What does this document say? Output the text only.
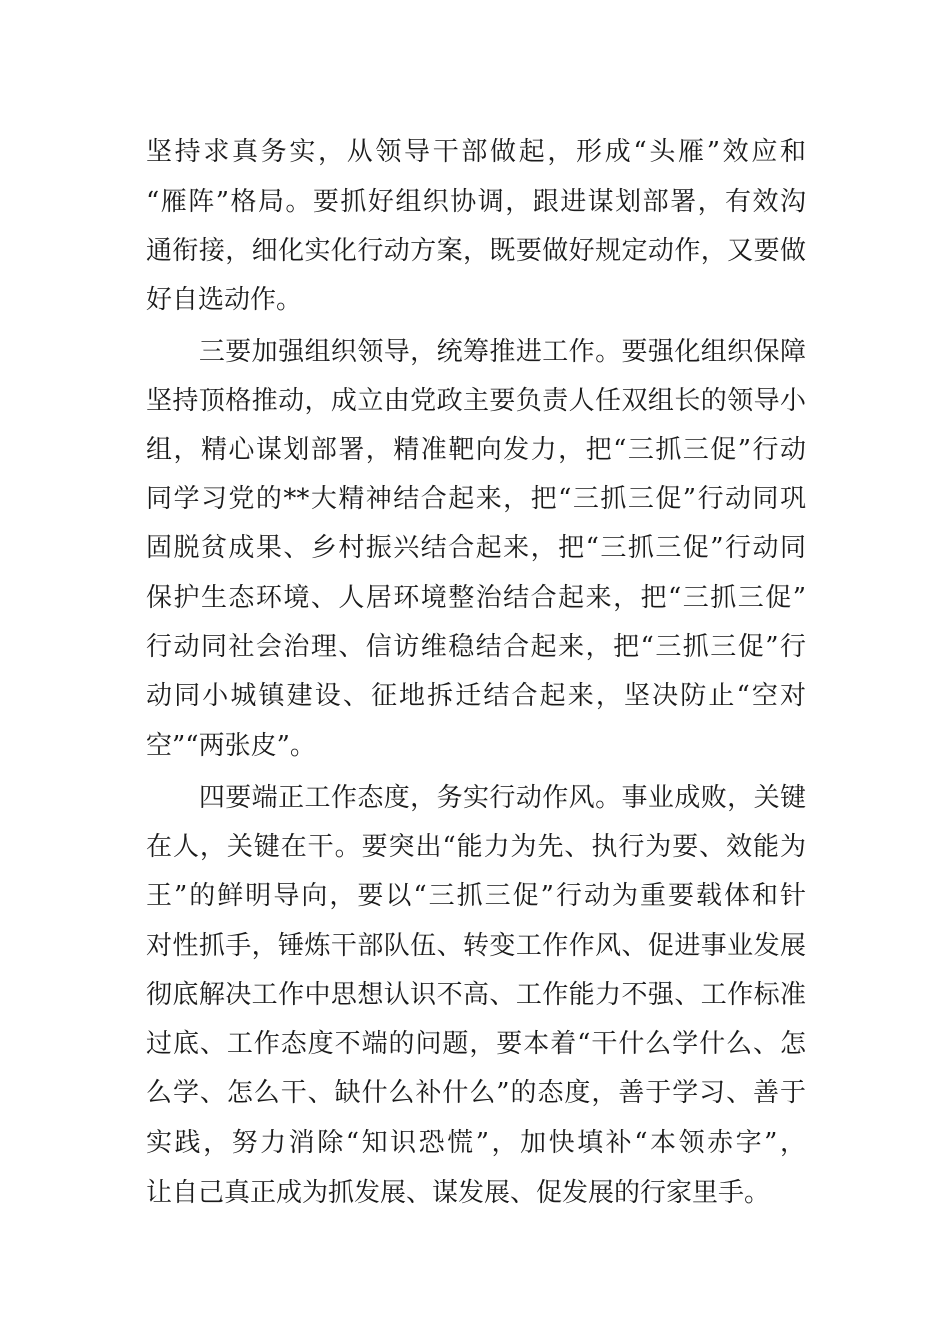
坚持求真务实，从领导干部做起，形成“头雁”效应和
“雁阵”格局。要抓好组织协调，跟进谋划部署，有效沟
通衔接，细化实化行动方案，既要做好规定动作，又要做
好自选动作。
　　三要加强组织领导，统筹推进工作。要强化组织保障
坚持顶格推动，成立由党政主要负责人任双组长的领导小
组，精心谋划部署，精准靶向发力，把“三抓三促”行动
同学习党的**大精神结合起来，把“三抓三促”行动同巩
固脱贫成果、乡村振兴结合起来，把“三抓三促”行动同
保护生态环境、人居环境整治结合起来，把“三抓三促”
行动同社会治理、信访维稳结合起来，把“三抓三促”行
动同小城镇建设、征地拆迁结合起来，坚决防止“空对
空”“两张皮”。
　　四要端正工作态度，务实行动作风。事业成败，关键
在人，关键在干。要突出“能力为先、执行为要、效能为
王”的鲜明导向，要以“三抓三促”行动为重要载体和针
对性抓手，锤炼干部队伍、转变工作作风、促进事业发展
彻底解决工作中思想认识不高、工作能力不强、工作标准
过底、工作态度不端的问题，要本着“干什么学什么、怎
么学、怎么干、缺什么补什么”的态度，善于学习、善于
实践，努力消除“知识恐慌”，加快填补“本领赤字”，
让自己真正成为抓发展、谋发展、促发展的行家里手。
